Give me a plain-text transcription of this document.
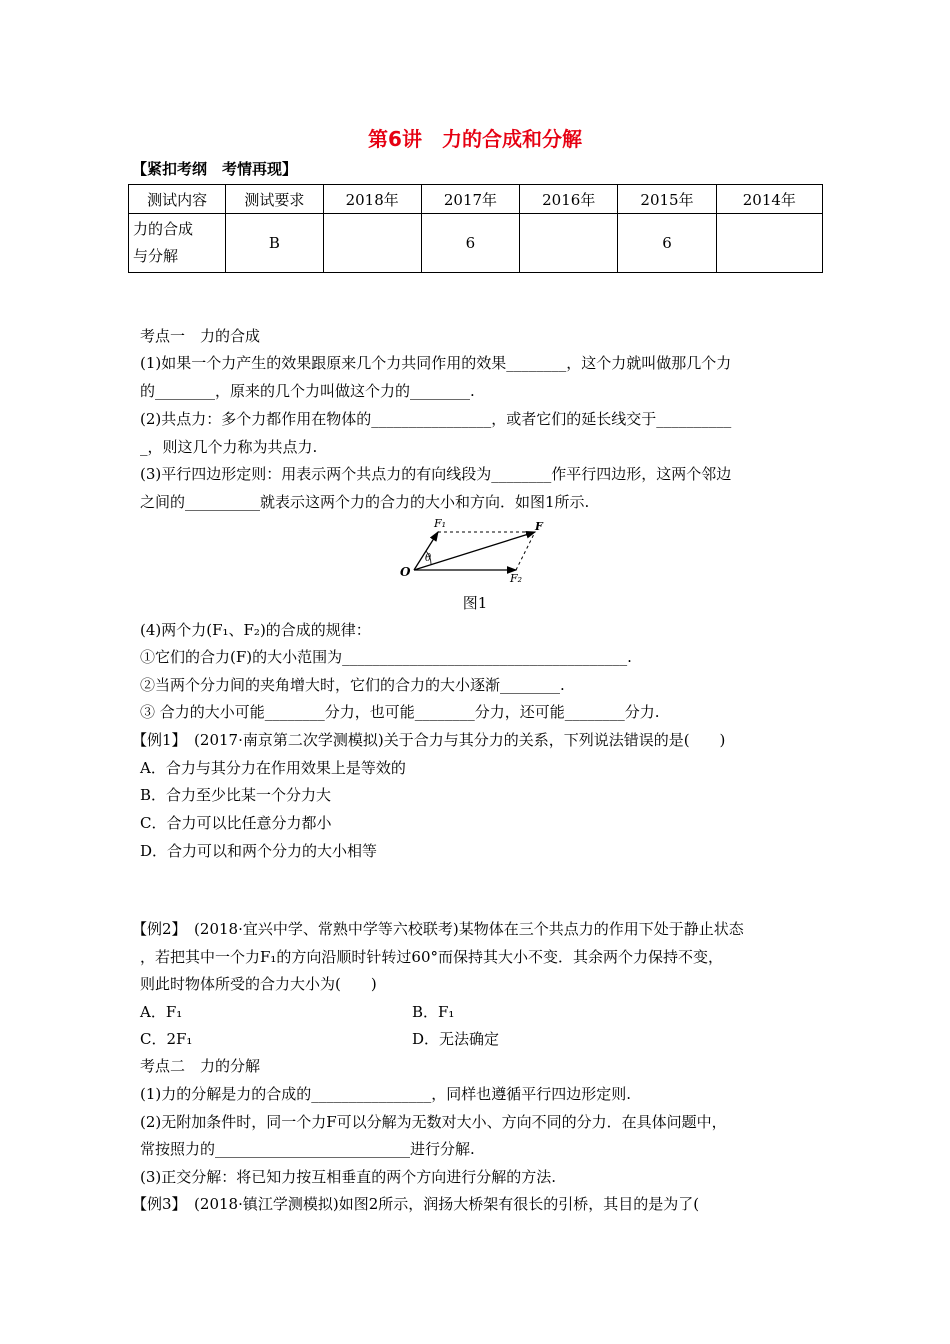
第6讲　力的合成和分解
【紧扣考纲　考情再现】
测试内容	测试要求	2018年	2017年	2016年	2015年	2014年

力的合成
与分解	B		6		6	
考点一　力的合成
(1)如果一个力产生的效果跟原来几个力共同作用的效果________，这个力就叫做那几个力
的________，原来的几个力叫做这个力的________.
(2)共点力：多个力都作用在物体的________________，或者它们的延长线交于__________
_，则这几个力称为共点力.
(3)平行四边形定则：用表示两个共点力的有向线段为________作平行四边形，这两个邻边
之间的__________就表示这两个力的合力的大小和方向．如图1所示.
O
F₁	F
F₂
θ
图1
(4)两个力(F₁、F₂)的合成的规律：
①它们的合力(F)的大小范围为______________________________________.
②当两个分力间的夹角增大时，它们的合力的大小逐渐________.
③ 合力的大小可能________分力，也可能________分力，还可能________分力.
【例1】　(2017·南京第二次学测模拟)关于合力与其分力的关系，下列说法错误的是(　　)
A．合力与其分力在作用效果上是等效的
B．合力至少比某一个分力大
C．合力可以比任意分力都小
D．合力可以和两个分力的大小相等
【例2】　(2018·宜兴中学、常熟中学等六校联考)某物体在三个共点力的作用下处于静止状态
，若把其中一个力F₁的方向沿顺时针转过60°而保持其大小不变．其余两个力保持不变，
则此时物体所受的合力大小为(　　)
A．F₁	B．F₁
C．2F₁	D．无法确定
考点二　力的分解
(1)力的分解是力的合成的________________，同样也遵循平行四边形定则.
(2)无附加条件时，同一个力F可以分解为无数对大小、方向不同的分力．在具体问题中，
常按照力的__________________________进行分解.
(3)正交分解：将已知力按互相垂直的两个方向进行分解的方法.
【例3】　(2018·镇江学测模拟)如图2所示，润扬大桥架有很长的引桥，其目的是为了(
